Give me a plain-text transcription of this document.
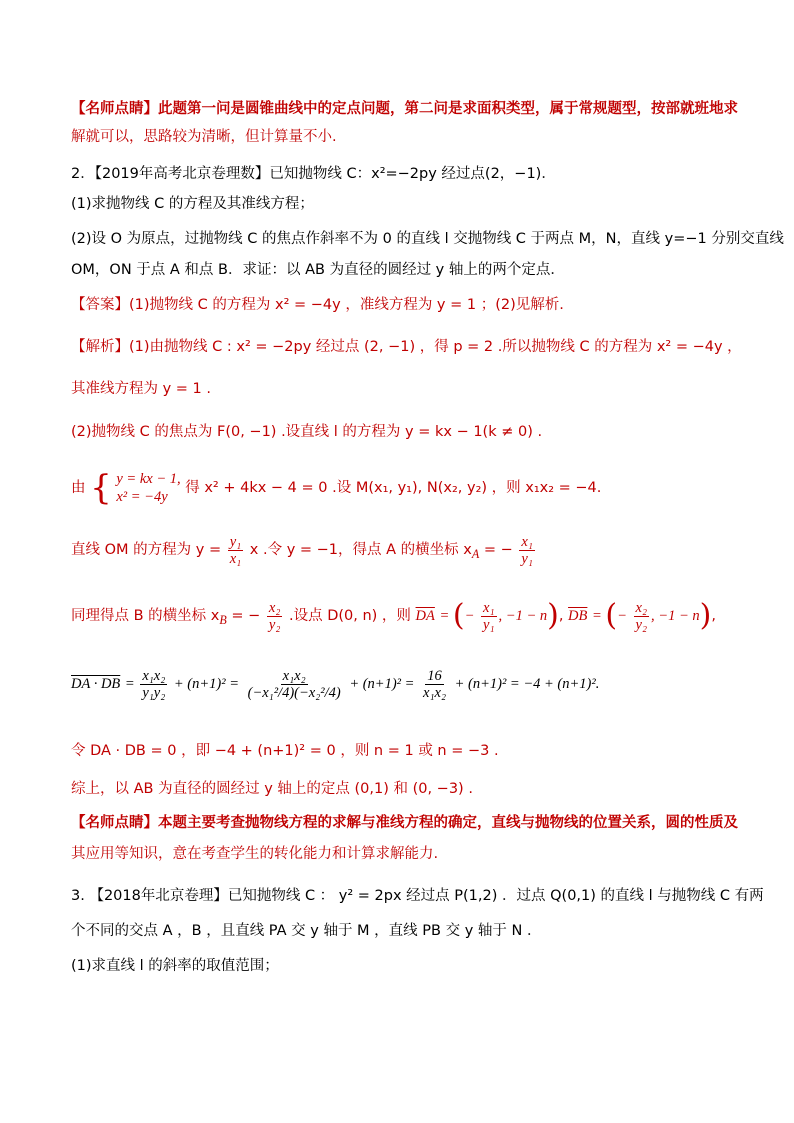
【名师点睛】此题第一问是圆锥曲线中的定点问题，第二问是求面积类型，属于常规题型，按部就班地求
解就可以，思路较为清晰，但计算量不小.
2．【2019年高考北京卷理数】已知抛物线 C：x²=−2py 经过点(2，−1)．
(1)求抛物线 C 的方程及其准线方程；
(2)设 O 为原点，过抛物线 C 的焦点作斜率不为 0 的直线 l 交抛物线 C 于两点 M，N，直线 y=−1 分别交直线
OM，ON 于点 A 和点 B．求证：以 AB 为直径的圆经过 y 轴上的两个定点．
【答案】(1)抛物线 C 的方程为 x² = −4y ，准线方程为 y = 1 ；(2)见解析.
【解析】(1)由抛物线 C : x² = −2py 经过点 (2, −1) ，得 p = 2 .所以抛物线 C 的方程为 x² = −4y ，
其准线方程为 y = 1 .
(2)抛物线 C 的焦点为 F(0, −1) .设直线 l 的方程为 y = kx − 1(k ≠ 0) .
由 { y = kx − 1,
x² = −4y
得 x² + 4kx − 4 = 0 .设 M(x₁, y₁), N(x₂, y₂) ，则 x₁x₂ = −4.
直线 OM 的方程为 $y = \frac{\text{y₁}}{\text{x₁}}$ x .令 y = −1，得点 A 的横坐标 $x_A$ = − $\frac{\text{x₁}}{\text{y₁}}$
同理得点 B 的横坐标 $x_B$ = − $\frac{\text{x₂}}{\text{y₂}}$ .设点 D(0, n) ，则 $\overline{DA}$ = (− $\frac{\text{x₁}}{\text{y₁}}$ , −1 − n), $\overline{DB}$ = (− $\frac{\text{x₂}}{\text{y₂}}$ , −1 − n),
DA · DB = $\frac{\text{x₁x₂}}{\text{y₁y₂}} + (n+1)^2 = \frac{\text{x₁x₂}}{\text{(−x₁²/4)(−x₂²/4)}} + (n+1)^2 = \frac{16}{\text{x₁x₂}} + (n+1)^2 = -4 + (n+1)^2$.
令 DA · DB = 0 ，即 −4 + (n+1)² = 0 ，则 n = 1 或 n = −3 .
综上，以 AB 为直径的圆经过 y 轴上的定点 (0,1) 和 (0, −3) .
【名师点睛】本题主要考查抛物线方程的求解与准线方程的确定，直线与抛物线的位置关系，圆的性质及
其应用等知识，意在考查学生的转化能力和计算求解能力.
3. 【2018年北京卷理】已知抛物线 C ： y² = 2px 经过点 P(1,2) ．过点 Q(0,1) 的直线 l 与抛物线 C 有两
个不同的交点 A ，B ，且直线 PA 交 y 轴于 M ，直线 PB 交 y 轴于 N ．
(1)求直线 l 的斜率的取值范围；
